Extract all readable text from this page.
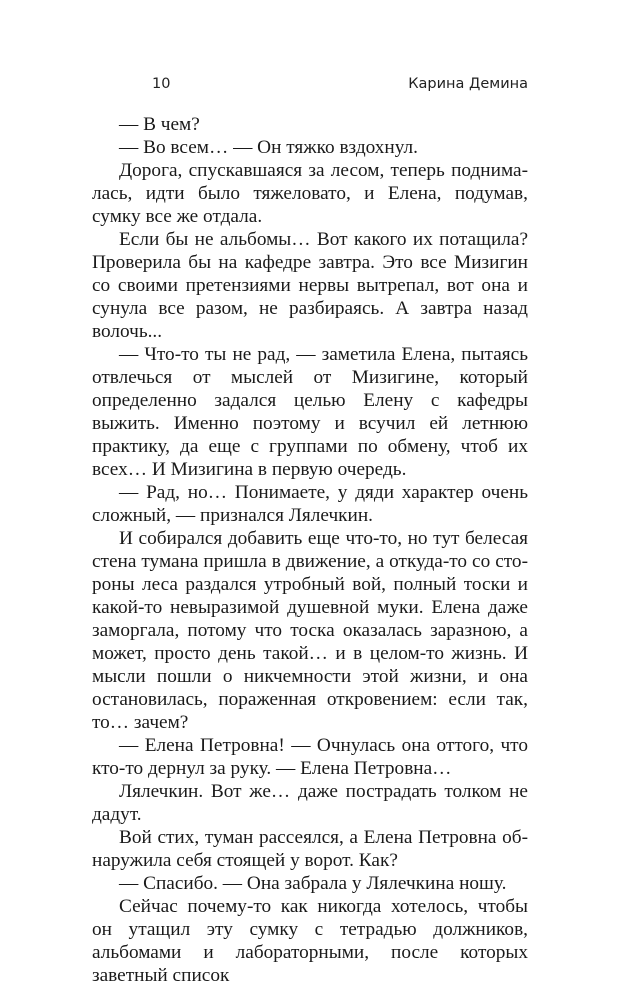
10	Карина Демина

— В чем?

— Во всем… — Он тяжко вздохнул.

Дорога, спускавшаяся за лесом, теперь поднималась, идти было тяжеловато, и Елена, подумав, сумку все же отдала.

Если бы не альбомы… Вот какого их потащила? Проверила бы на кафедре завтра. Это все Мизигин со своими претензиями нервы вытрепал, вот она и сунула все разом, не разбираясь. А завтра назад волочь...

— Что-то ты не рад, — заметила Елена, пытаясь отвлечься от мыслей от Мизигине, который определенно задался целью Елену с кафедры выжить. Именно поэтому и всучил ей летнюю практику, да еще с группами по обмену, чтоб их всех… И Мизигина в первую очередь.

— Рад, но… Понимаете, у дяди характер очень сложный, — признался Лялечкин.

И собирался добавить еще что-то, но тут белесая стена тумана пришла в движение, а откуда-то со стороны леса раздался утробный вой, полный тоски и какой-то невыразимой душевной муки. Елена даже заморгала, потому что тоска оказалась заразною, а может, просто день такой… и в целом-то жизнь. И мысли пошли о никчемности этой жизни, и она остановилась, пораженная откровением: если так, то… зачем?

— Елена Петровна! — Очнулась она оттого, что кто-то дернул за руку. — Елена Петровна…

Лялечкин. Вот же… даже пострадать толком не дадут.

Вой стих, туман рассеялся, а Елена Петровна обнаружила себя стоящей у ворот. Как?

— Спасибо. — Она забрала у Лялечкина ношу.

Сейчас почему-то как никогда хотелось, чтобы он утащил эту сумку с тетрадью должников, альбомами и лабораторными, после которых заветный список
